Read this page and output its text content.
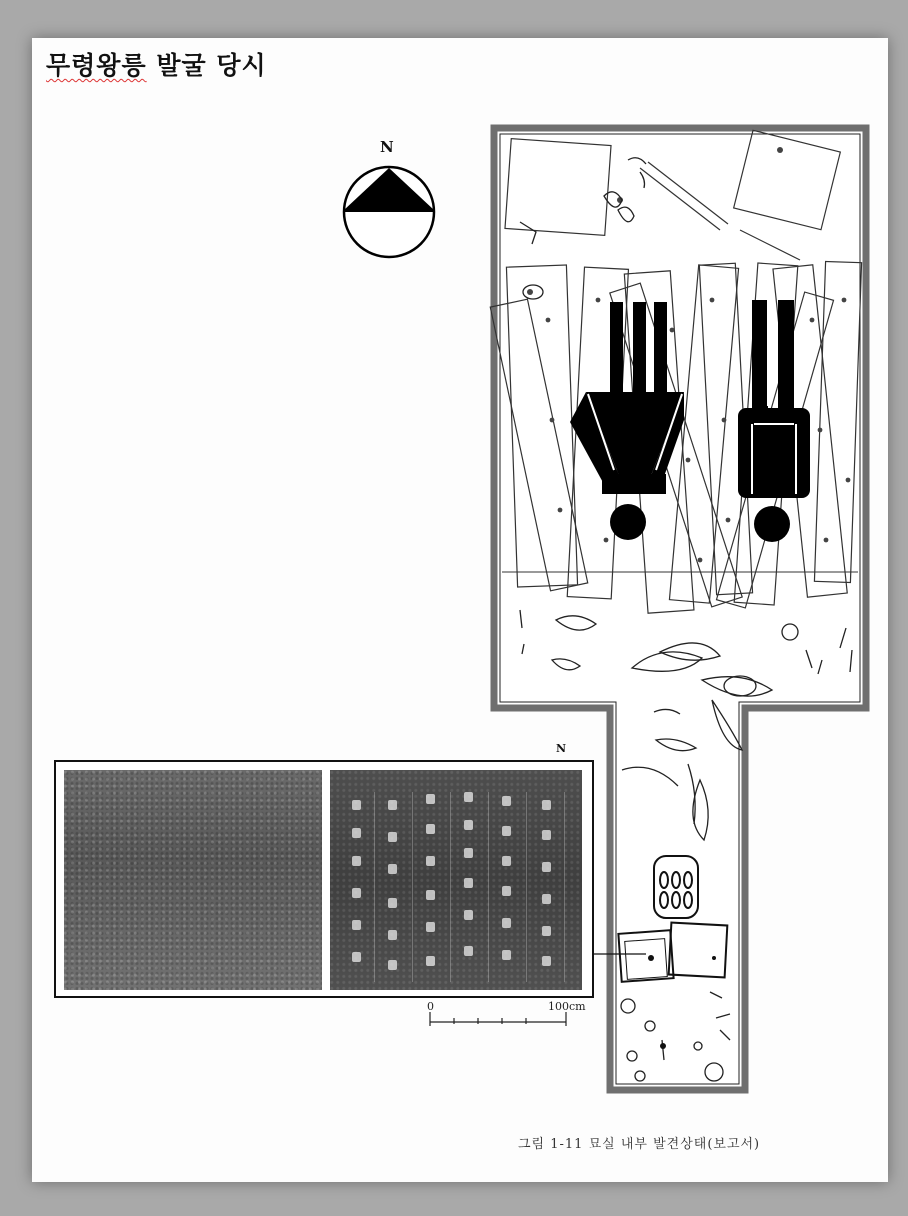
무령왕릉 발굴 당시
N
N
0	100cm
그림 1-11 묘실 내부 발견상태(보고서)
